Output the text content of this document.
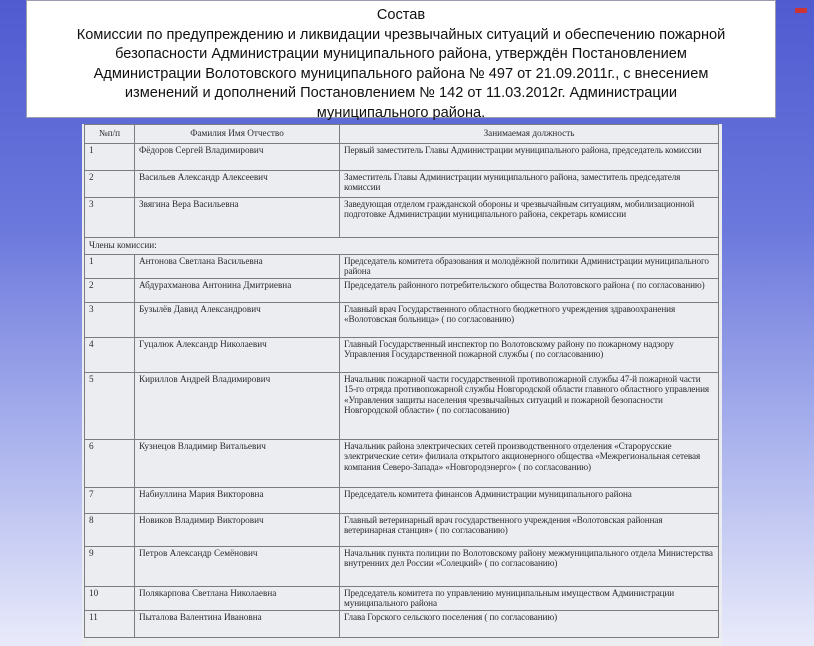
Состав
Комиссии по предупреждению и ликвидации чрезвычайных ситуаций и обеспечению пожарной
безопасности Администрации муниципального района, утверждён Постановлением
Администрации Волотовского муниципального района № 497 от 21.09.2011г., с внесением
изменений и дополнений Постановлением № 142 от 11.03.2012г. Администрации
муниципального района.
№п/п	Фамилия Имя Отчество	Занимаемая должность
1	Фёдоров Сергей Владимирович	Первый заместитель Главы Администрации муниципального района, председатель комиссии
2	Васильев Александр Алексеевич	Заместитель Главы Администрации муниципального района, заместитель председателя комиссии
3	Звягина Вера Васильевна	Заведующая отделом гражданской обороны и чрезвычайным ситуациям, мобилизационной подготовке Администрации муниципального района, секретарь комиссии
Члены комиссии:		
1	Антонова Светлана Васильевна	Председатель комитета образования и молодёжной политики Администрации муниципального района
2	Абдурахманова Антонина Дмитриевна	Председатель районного потребительского общества Волотовского района ( по согласованию)
3	Бузылёв Давид Александрович	Главный врач Государственного областного бюджетного учреждения здравоохранения «Волотовская больница» ( по согласованию)
4	Гуцалюк Александр Николаевич	Главный Государственный инспектор по Волотовскому району по пожарному надзору Управления Государственной пожарной службы ( по согласованию)
5	Кириллов Андрей Владимирович	Начальник пожарной части государственной противопожарной службы 47-й пожарной части 15-го отряда противопожарной службы Новгородской области главного областного управления «Управления защиты населения чрезвычайных ситуаций и пожарной безопасности Новгородской области» ( по согласованию)
6	Кузнецов Владимир Витальевич	Начальник района электрических сетей производственного отделения «Старорусские электрические сети» филиала открытого акционерного общества «Межрегиональная сетевая компания Северо-Запада» «Новгородэнерго» ( по согласованию)
7	Набиуллина Мария Викторовна	Председатель комитета финансов Администрации муниципального района
8	Новиков Владимир Викторович	Главный ветеринарный врач государственного учреждения «Волотовская районная ветеринарная станция» ( по согласованию)
9	Петров Александр Семёнович	Начальник пункта полиции по Волотовскому району межмуниципального отдела Министерства внутренних дел России «Солецкий» ( по согласованию)
10	Полякарпова Светлана Николаевна	Председатель комитета по управлению муниципальным имуществом Администрации муниципального района
11	Пыталова Валентина Ивановна	Глава Горского сельского поселения ( по согласованию)
